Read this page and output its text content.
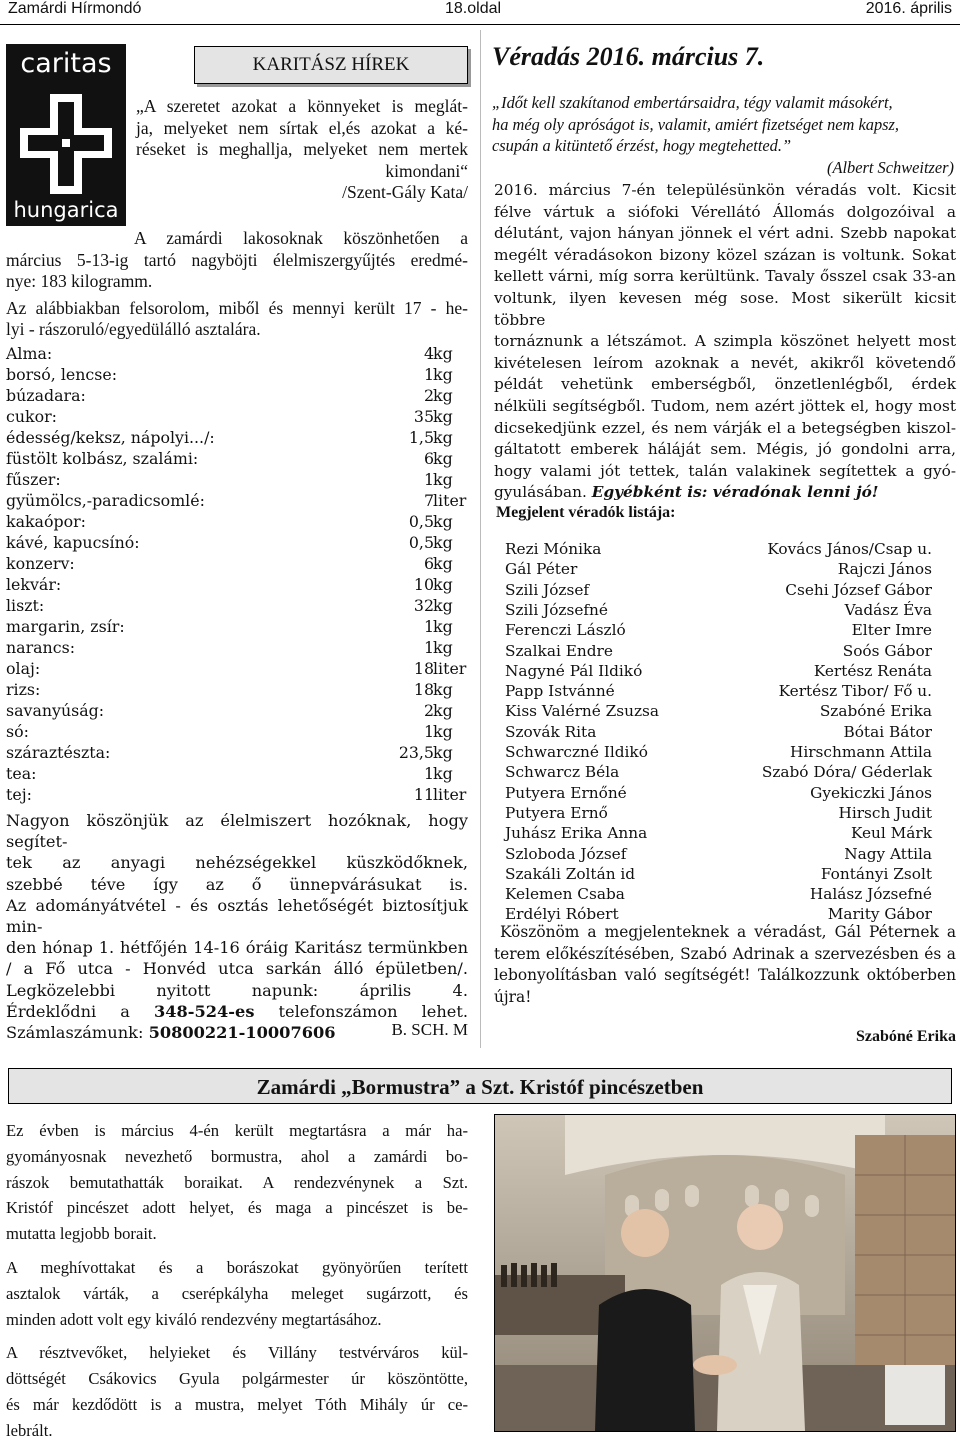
Zamárdi Hírmondó	18.oldal	2016. április
caritas
hungarica
KARITÁSZ HÍREK
„A szeretet azokat a könnyeket is meglát-
ja, melyeket nem sírtak el,és azokat a ké-
réseket is meghallja, melyeket nem mertek
kimondani“
/Szent-Gály Kata/
A zamárdi lakosoknak köszönhetően a
március 5-13-ig tartó nagyböjti élelmiszergyűjtés eredmé-
nye: 183 kilogramm.
Az alábbiakban felsorolom, miből és mennyi került 17 - he-
lyi - rászoruló/egyedülálló asztalára.
Alma:	4 kg
borsó, lencse:	1 kg
búzadara:	2 kg
cukor:	35 kg
édesség/keksz, nápolyi.../:	1,5 kg
füstölt kolbász, szalámi:	6 kg
fűszer:	1 kg
gyümölcs,-paradicsomlé:	7 liter
kakaópor:	0,5 kg
kávé, kapucsínó:	0,5 kg
konzerv:	6 kg
lekvár:	10 kg
liszt:	32 kg
margarin, zsír:	1 kg
narancs:	1 kg
olaj:	18 liter
rizs:	18 kg
savanyúság:	2 kg
só:	1 kg
száraztészta:	23,5 kg
tea:	1 kg
tej:	11 liter
Nagyon köszönjük az élelmiszert hozóknak, hogy segítet-
tek az anyagi nehézségekkel küszködőknek,
szebbé téve így az ő ünnepvárásukat is.
Az adományátvétel - és osztás lehetőségét biztosítjuk min-
den hónap 1. hétfőjén 14-16 óráig Karitász termünkben
/ a Fő utca - Honvéd utca sarkán álló épületben/.
Legközelebbi nyitott napunk: április 4.
Érdeklődni a 348-524-es telefonszámon lehet.
Számlaszámunk: 50800221-10007606	B. SCH. M
Véradás 2016. március 7.
„Időt kell szakítanod embertársaidra, tégy valamit másokért,
ha még oly apróságot is, valamit, amiért fizetséget nem kapsz,
csupán a kitüntető érzést, hogy megtehetted.”
(Albert Schweitzer)
2016. március 7-én településünkön véradás volt. Kicsit
félve vártuk a siófoki Vérellátó Állomás dolgozóival a
délutánt, vajon hányan jönnek el vért adni. Szebb napokat
megélt véradásokon bizony közel százan is voltunk. Sokat
kellett várni, míg sorra kerültünk. Tavaly ősszel csak 33-an
voltunk, ilyen kevesen még sose. Most sikerült kicsit többre
tornáznunk a létszámot. A szimpla köszönet helyett most
kivételesen leírom azoknak a nevét, akikről követendő
példát vehetünk emberségből, önzetlenlégből, érdek
nélküli segítségből. Tudom, nem azért jöttek el, hogy most
dicsekedjünk ezzel, és nem várják el a betegségben kiszol-
gáltatott emberek háláját sem. Mégis, jó gondolni arra,
hogy valami jót tettek, talán valakinek segítettek a gyó-
gyulásában. Egyébként is: véradónak lenni jó!
Megjelent véradók listája:
Rezi Mónika	Kovács János/Csap u.
Gál Péter	Rajczi János
Szili József	Csehi József Gábor
Szili Józsefné	Vadász Éva
Ferenczi László	Elter Imre
Szalkai Endre	Soós Gábor
Nagyné Pál Ildikó	Kertész Renáta
Papp Istvánné	Kertész Tibor/ Fő u.
Kiss Valérné Zsuzsa	Szabóné Erika
Szovák Rita	Bótai Bátor
Schwarczné Ildikó	Hirschmann Attila
Schwarcz Béla	Szabó Dóra/ Géderlak
Putyera Ernőné	Gyekiczki János
Putyera Ernő	Hirsch Judit
Juhász Erika Anna	Keul Márk
Szloboda József	Nagy Attila
Szakáli Zoltán id	Fontányi Zsolt
Kelemen Csaba	Halász Józsefné
Erdélyi Róbert	Marity Gábor
Köszönöm a megjelenteknek a véradást, Gál Péternek a
terem előkészítésében, Szabó Adrinak a szervezésben és a
lebonyolításban való segítségét! Találkozzunk októberben
újra!
Szabóné Erika
Zamárdi „Bormustra” a Szt. Kristóf pincészetben

Ez évben is március 4-én került megtartásra a már ha-
gyományosnak nevezhető bormustra, ahol a zamárdi bo-
rászok bemutathatták boraikat. A rendezvénynek a Szt.
Kristóf pincészet adott helyet, és maga a pincészet is be-
mutatta legjobb borait.

A meghívottakat és a borászokat gyönyörűen terített
asztalok várták, a cserépkályha meleget sugárzott, és
minden adott volt egy kiváló rendezvény megtartásához.

A résztvevőket, helyieket és Villány testvérváros kül-
döttségét Csákovics Gyula polgármester úr köszöntötte,
és már kezdődött is a mustra, melyet Tóth Mihály úr ce-
lebrált.
